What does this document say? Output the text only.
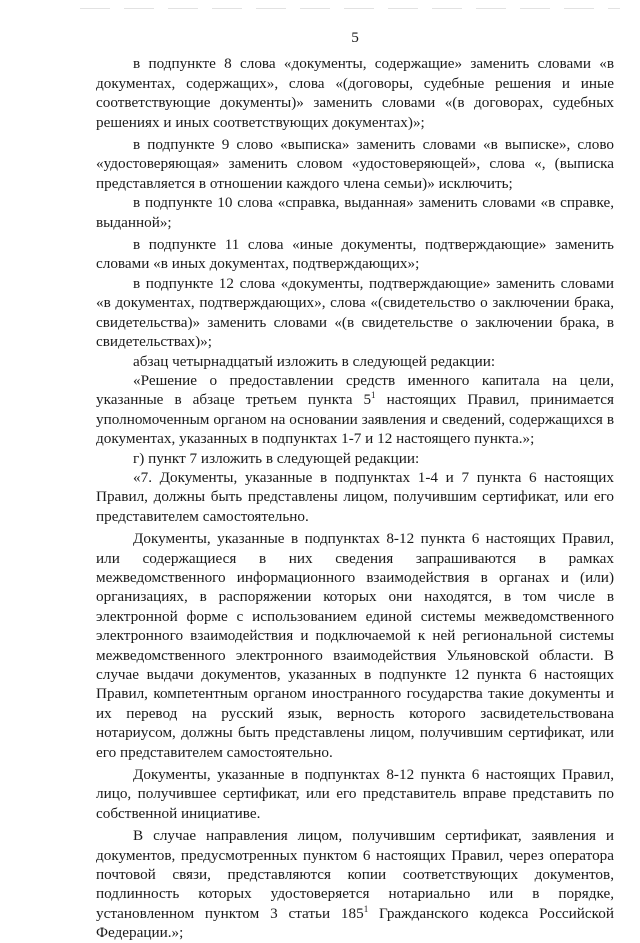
5

в подпункте 8 слова «документы, содержащие» заменить словами «в документах, содержащих», слова «(договоры, судебные решения и иные соответствующие документы)» заменить словами «(в договорах, судебных решениях и иных соответствующих документах)»;

в подпункте 9 слово «выписка» заменить словами «в выписке», слово «удостоверяющая» заменить словом «удостоверяющей», слова «, (выписка представляется в отношении каждого члена семьи)» исключить;

в подпункте 10 слова «справка, выданная» заменить словами «в справке, выданной»;

в подпункте 11 слова «иные документы, подтверждающие» заменить словами «в иных документах, подтверждающих»;

в подпункте 12 слова «документы, подтверждающие» заменить словами «в документах, подтверждающих», слова «(свидетельство о заключении брака, свидетельства)» заменить словами «(в свидетельстве о заключении брака, в свидетельствах)»;

абзац четырнадцатый изложить в следующей редакции:

«Решение о предоставлении средств именного капитала на цели, указанные в абзаце третьем пункта $5^1$ настоящих Правил, принимается уполномоченным органом на основании заявления и сведений, содержащихся в документах, указанных в подпунктах 1-7 и 12 настоящего пункта.»;

г) пункт 7 изложить в следующей редакции:

«7. Документы, указанные в подпунктах 1-4 и 7 пункта 6 настоящих Правил, должны быть представлены лицом, получившим сертификат, или его представителем самостоятельно.

Документы, указанные в подпунктах 8-12 пункта 6 настоящих Правил, или содержащиеся в них сведения запрашиваются в рамках межведомственного информационного взаимодействия в органах и (или) организациях, в распоряжении которых они находятся, в том числе в электронной форме с использованием единой системы межведомственного электронного взаимодействия и подключаемой к ней региональной системы межведомственного электронного взаимодействия Ульяновской области. В случае выдачи документов, указанных в подпункте 12 пункта 6 настоящих Правил, компетентным органом иностранного государства такие документы и их перевод на русский язык, верность которого засвидетельствована нотариусом, должны быть представлены лицом, получившим сертификат, или его представителем самостоятельно.

Документы, указанные в подпунктах 8-12 пункта 6 настоящих Правил, лицо, получившее сертификат, или его представитель вправе представить по собственной инициативе.

В случае направления лицом, получившим сертификат, заявления и документов, предусмотренных пунктом 6 настоящих Правил, через оператора почтовой связи, представляются копии соответствующих документов, подлинность которых удостоверяется нотариально или в порядке, установленном пунктом 3 статьи $185^1$ Гражданского кодекса Российской Федерации.»;
